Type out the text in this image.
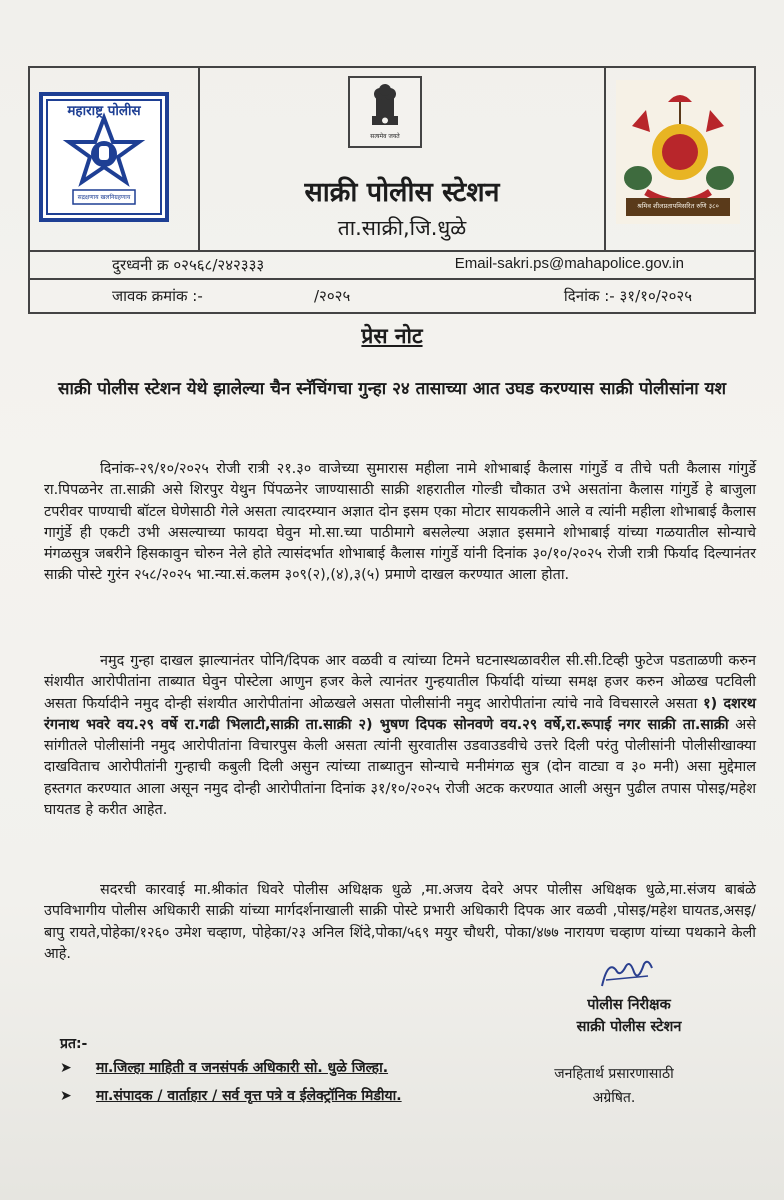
महाराष्ट्र पोलीस
सद्रक्षणाय खलनिग्रहणाय
सत्यमेव जयते
साक्री पोलीस स्टेशन
ता.साक्री,जि.धुळे
श्रमिव शीलप्रतापमिसरित रुणि ३८०
दुरध्वनी क्र ०२५६८/२४२३३३	Email-sakri.ps@mahapolice.gov.in
जावक क्रमांक :-	/२०२५	दिनांक :- ३१/१०/२०२५
प्रेस नोट
साक्री पोलीस स्टेशन येथे झालेल्या चैन स्नॅचिंगचा गुन्हा २४ तासाच्या आत उघड करण्यास साक्री पोलीसांना यश
दिनांक-२९/१०/२०२५ रोजी रात्री २१.३० वाजेच्या सुमारास महीला नामे शोभाबाई कैलास गांगुर्डे व तीचे पती कैलास गांगुर्डे रा.पिपळनेर ता.साक्री असे शिरपुर येथुन पिंपळनेर जाण्यासाठी साक्री शहरातील गोल्डी चौकात उभे असतांना कैलास गांगुर्डे हे बाजुला टपरीवर पाण्याची बॉटल घेणेसाठी गेले असता त्यादरम्यान अज्ञात दोन इसम एका मोटार सायकलीने आले व त्यांनी महीला शोभाबाई कैलास गागुंर्डे ही एकटी उभी असल्याच्या फायदा घेवुन मो.सा.च्या पाठीमागे बसलेल्या अज्ञात इसमाने शोभाबाई यांच्या गळयातील सोन्याचे मंगळसुत्र जबरीने हिसकावुन चोरुन नेले होते त्यासंदर्भात शोभाबाई कैलास गांगुर्डे यांनी दिनांक ३०/१०/२०२५ रोजी रात्री फिर्याद दिल्यानंतर साक्री पोस्टे गुरंन २५८/२०२५ भा.न्या.सं.कलम ३०९(२),(४),३(५) प्रमाणे दाखल करण्यात आला होता.
नमुद गुन्हा दाखल झाल्यानंतर पोनि/दिपक आर वळवी व त्यांच्या टिमने घटनास्थळावरील सी.सी.टिव्ही फुटेज पडताळणी करुन संशयीत आरोपीतांना ताब्यात घेवुन पोस्टेला आणुन हजर केले त्यानंतर गुन्हयातील फिर्यादी यांच्या समक्ष हजर करुन ओळख पटविली असता फिर्यादीने नमुद दोन्ही संशयीत आरोपीतांना ओळखले असता पोलीसांनी नमुद आरोपीतांना त्यांचे नावे विचसारले असता १) दशरथ रंगनाथ भवरे वय.२९ वर्षे रा.गढी भिलाटी,साक्री ता.साक्री २) भुषण दिपक सोनवणे वय.२९ वर्षे,रा.रूपाई नगर साक्री ता.साक्री असे सांगीतले पोलीसांनी नमुद आरोपीतांना विचारपुस केली असता त्यांनी सुरवातीस उडवाउडवीचे उत्तरे दिली परंतु पोलीसांनी पोलीसीखाक्या दाखविताच आरोपीतांनी गुन्हाची कबुली दिली असुन त्यांच्या ताब्यातुन सोन्याचे मनीमंगळ सुत्र (दोन वाट्या व ३० मनी) असा मुद्देमाल हस्तगत करण्यात आला असून नमुद दोन्ही आरोपीतांना दिनांक ३१/१०/२०२५ रोजी अटक करण्यात आली असुन पुढील तपास पोसइ/महेश घायतड हे करीत आहेत.
सदरची कारवाई मा.श्रीकांत धिवरे पोलीस अधिक्षक धुळे ,मा.अजय देवरे अपर पोलीस अधिक्षक धुळे,मा.संजय बाबंळे उपविभागीय पोलीस अधिकारी साक्री यांच्या मार्गदर्शनाखाली साक्री पोस्टे प्रभारी अधिकारी दिपक आर वळवी ,पोसइ/महेश घायतड,असइ/बापु रायते,पोहेका/१२६० उमेश चव्हाण, पोहेका/२३ अनिल शिंदे,पोका/५६९ मयुर चौधरी, पोका/४७७ नारायण चव्हाण यांच्या पथकाने केली आहे.
पोलीस निरीक्षक
साक्री पोलीस स्टेशन
प्रत:-
➤ मा.जिल्हा माहिती व जनसंपर्क अधिकारी सो. धुळे जिल्हा.
➤ मा.संपादक / वार्ताहार / सर्व वृत्त पत्रे व ईलेक्ट्रॉनिक मिडीया.
जनहितार्थ प्रसारणासाठी
अग्रेषित.
